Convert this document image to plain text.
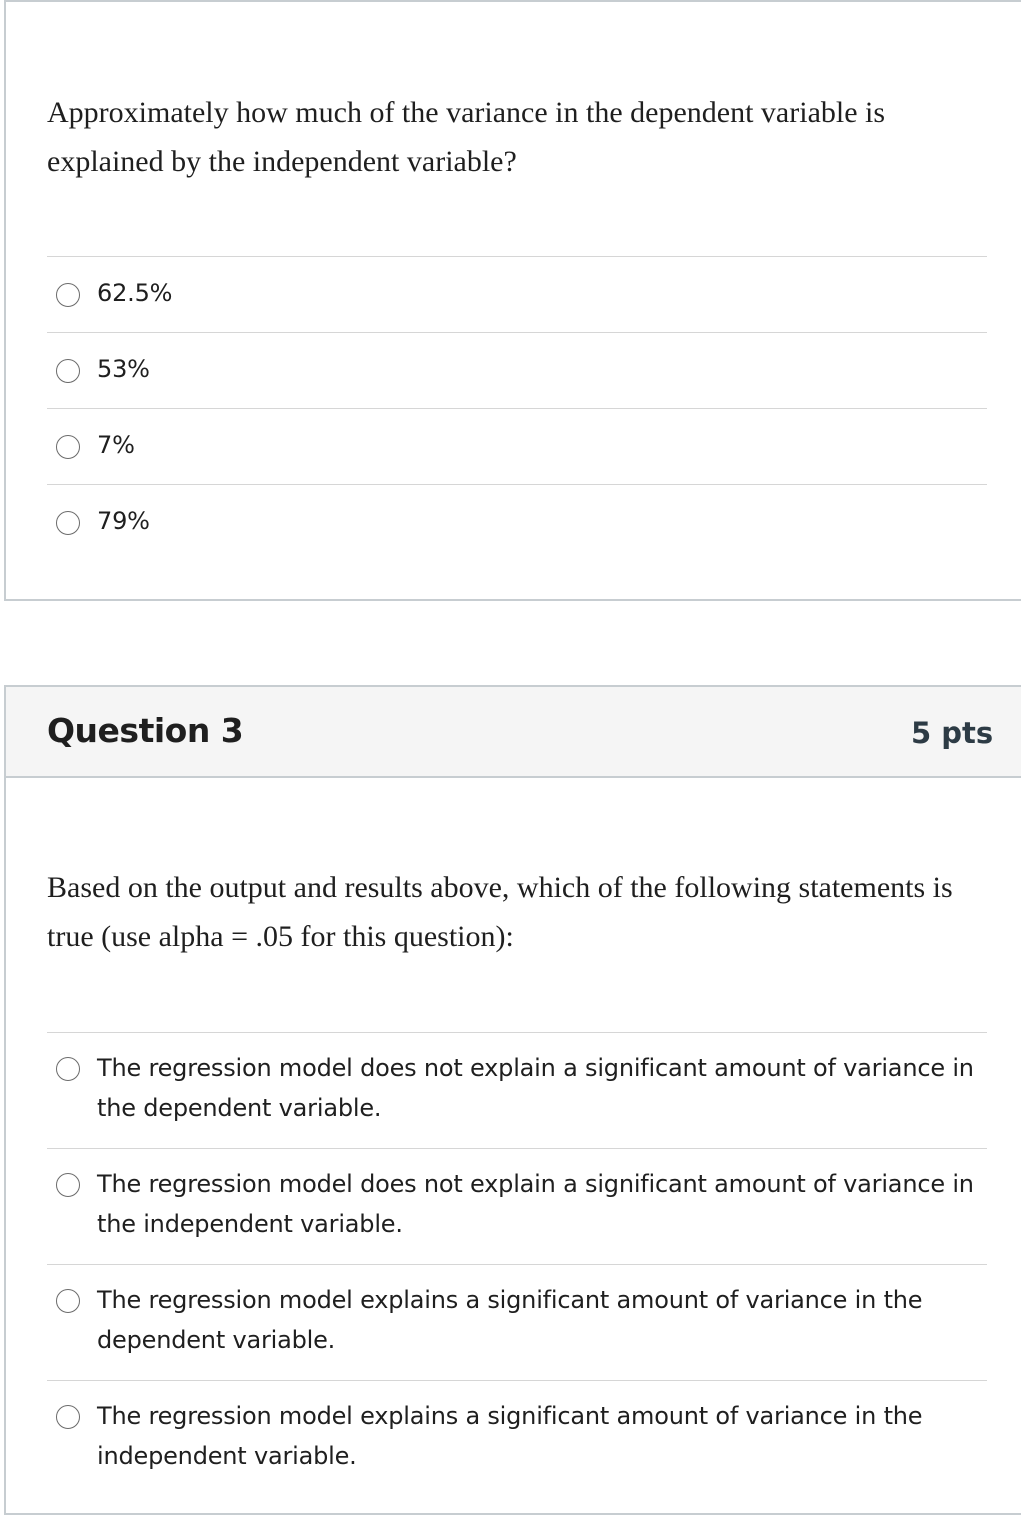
Approximately how much of the variance in the dependent variable is explained by the independent variable?
62.5%
53%
7%
79%
Question 3	5 pts
Based on the output and results above, which of the following statements is true (use alpha = .05 for this question):
The regression model does not explain a significant amount of variance in the dependent variable.
The regression model does not explain a significant amount of variance in the independent variable.
The regression model explains a significant amount of variance in the dependent variable.
The regression model explains a significant amount of variance in the independent variable.
